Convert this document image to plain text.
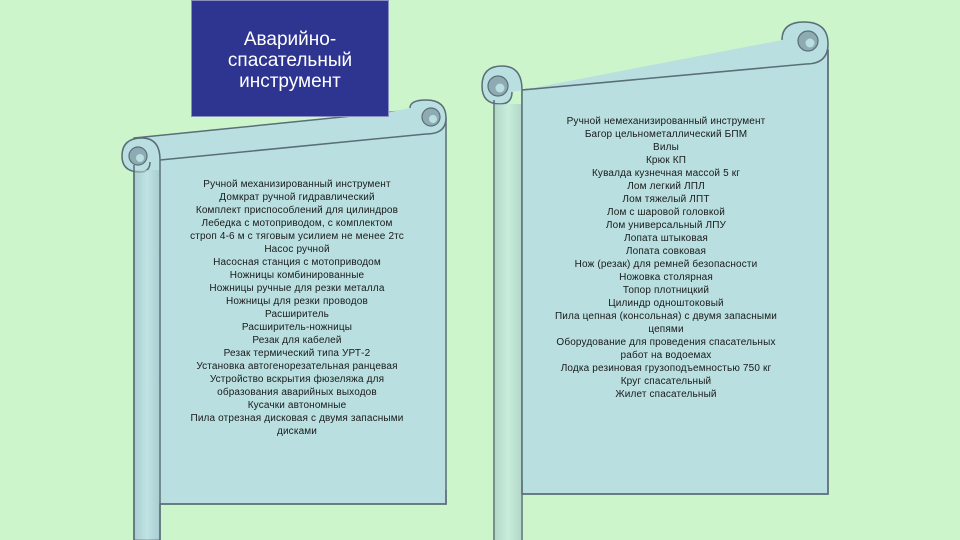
Аварийно-
спасательный
инструмент
Ручной механизированный инструмент
Домкрат ручной гидравлический
Комплект приспособлений для цилиндров
Лебедка с мотоприводом, с комплектом
строп 4-6 м с тяговым усилием не менее 2тс
Насос ручной
Насосная станция с мотоприводом
Ножницы комбинированные
Ножницы ручные для резки металла
Ножницы для резки проводов
Расширитель
Расширитель-ножницы
Резак для кабелей
Резак термический типа УРТ-2
Установка автогенорезательная ранцевая
Устройство вскрытия фюзеляжа для
образования аварийных выходов
Кусачки автономные
Пила отрезная дисковая с двумя запасными
дисками
Ручной немеханизированный инструмент
Багор цельнометаллический БПМ
Вилы
Крюк КП
Кувалда кузнечная массой 5 кг
Лом легкий ЛПЛ
Лом тяжелый ЛПТ
Лом с шаровой головкой
Лом универсальный ЛПУ
Лопата штыковая
Лопата совковая
Нож (резак) для ремней безопасности
Ножовка столярная
Топор плотницкий
Цилиндр одноштоковый
Пила цепная (консольная) с двумя запасными
цепями
Оборудование для проведения спасательных
работ на водоемах
Лодка резиновая грузоподъемностью 750 кг
Круг спасательный
Жилет спасательный
